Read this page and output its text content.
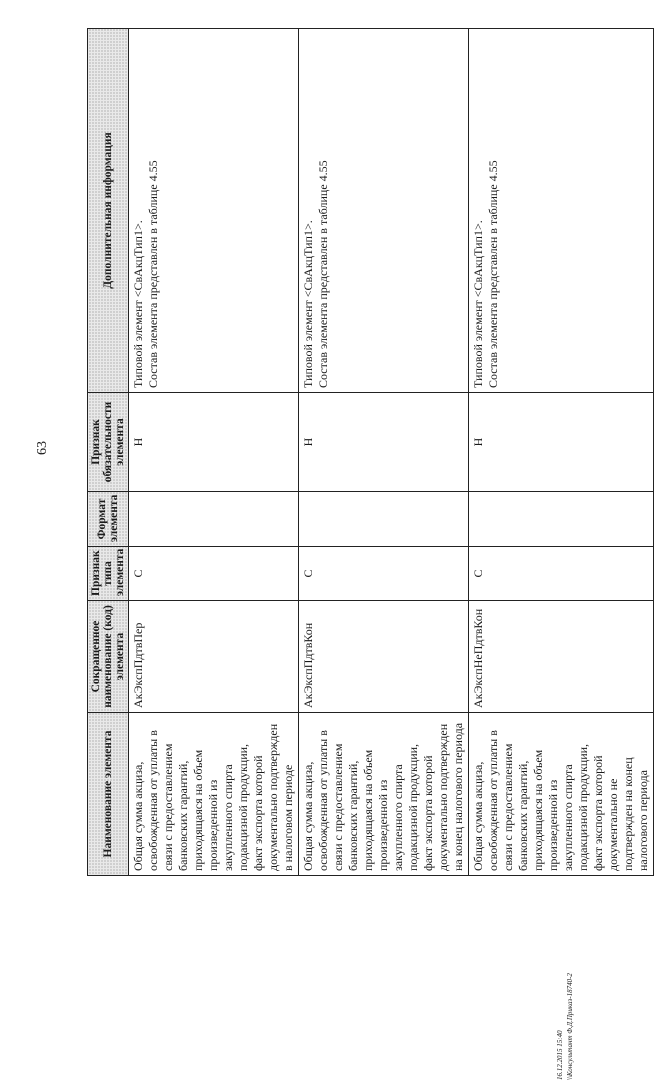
63
Наименование элемента	Сокращенное наименование (код) элемента	Признак типа элемента	Формат элемента	Признак обязательности элемента	Дополнительная информация
Общая сумма акциза, освобожденная от уплаты в связи с предоставлением банковских гарантий, приходящаяся на объем произведенной из закупленного спирта подакцизной продукции, факт экспорта которой документально подтвержден в налоговом периоде	АкЭкспПдтвПер	С		Н	Типовой элемент <СвАкцТип1>. Состав элемента представлен в таблице 4.55

Общая сумма акциза, освобожденная от уплаты в связи с предоставлением банковских гарантий, приходящаяся на объем произведенной из закупленного спирта подакцизной продукции, факт экспорта которой документально подтвержден на конец налогового периода	АкЭкспПдтвКон	С		Н	Типовой элемент <СвАкцТип1>. Состав элемента представлен в таблице 4.55

Общая сумма акциза, освобожденная от уплаты в связи с предоставлением банковских гарантий, приходящаяся на объем произведенной из закупленного спирта подакцизной продукции, факт экспорта которой документально не подтвержден на конец налогового периода	АкЭкспНеПдтвКон	С		Н	Типовой элемент <СвАкцТип1>. Состав элемента представлен в таблице 4.55
16.12.2015 15:40 \\Консультант Ф.Д.Приказ-18740-2
